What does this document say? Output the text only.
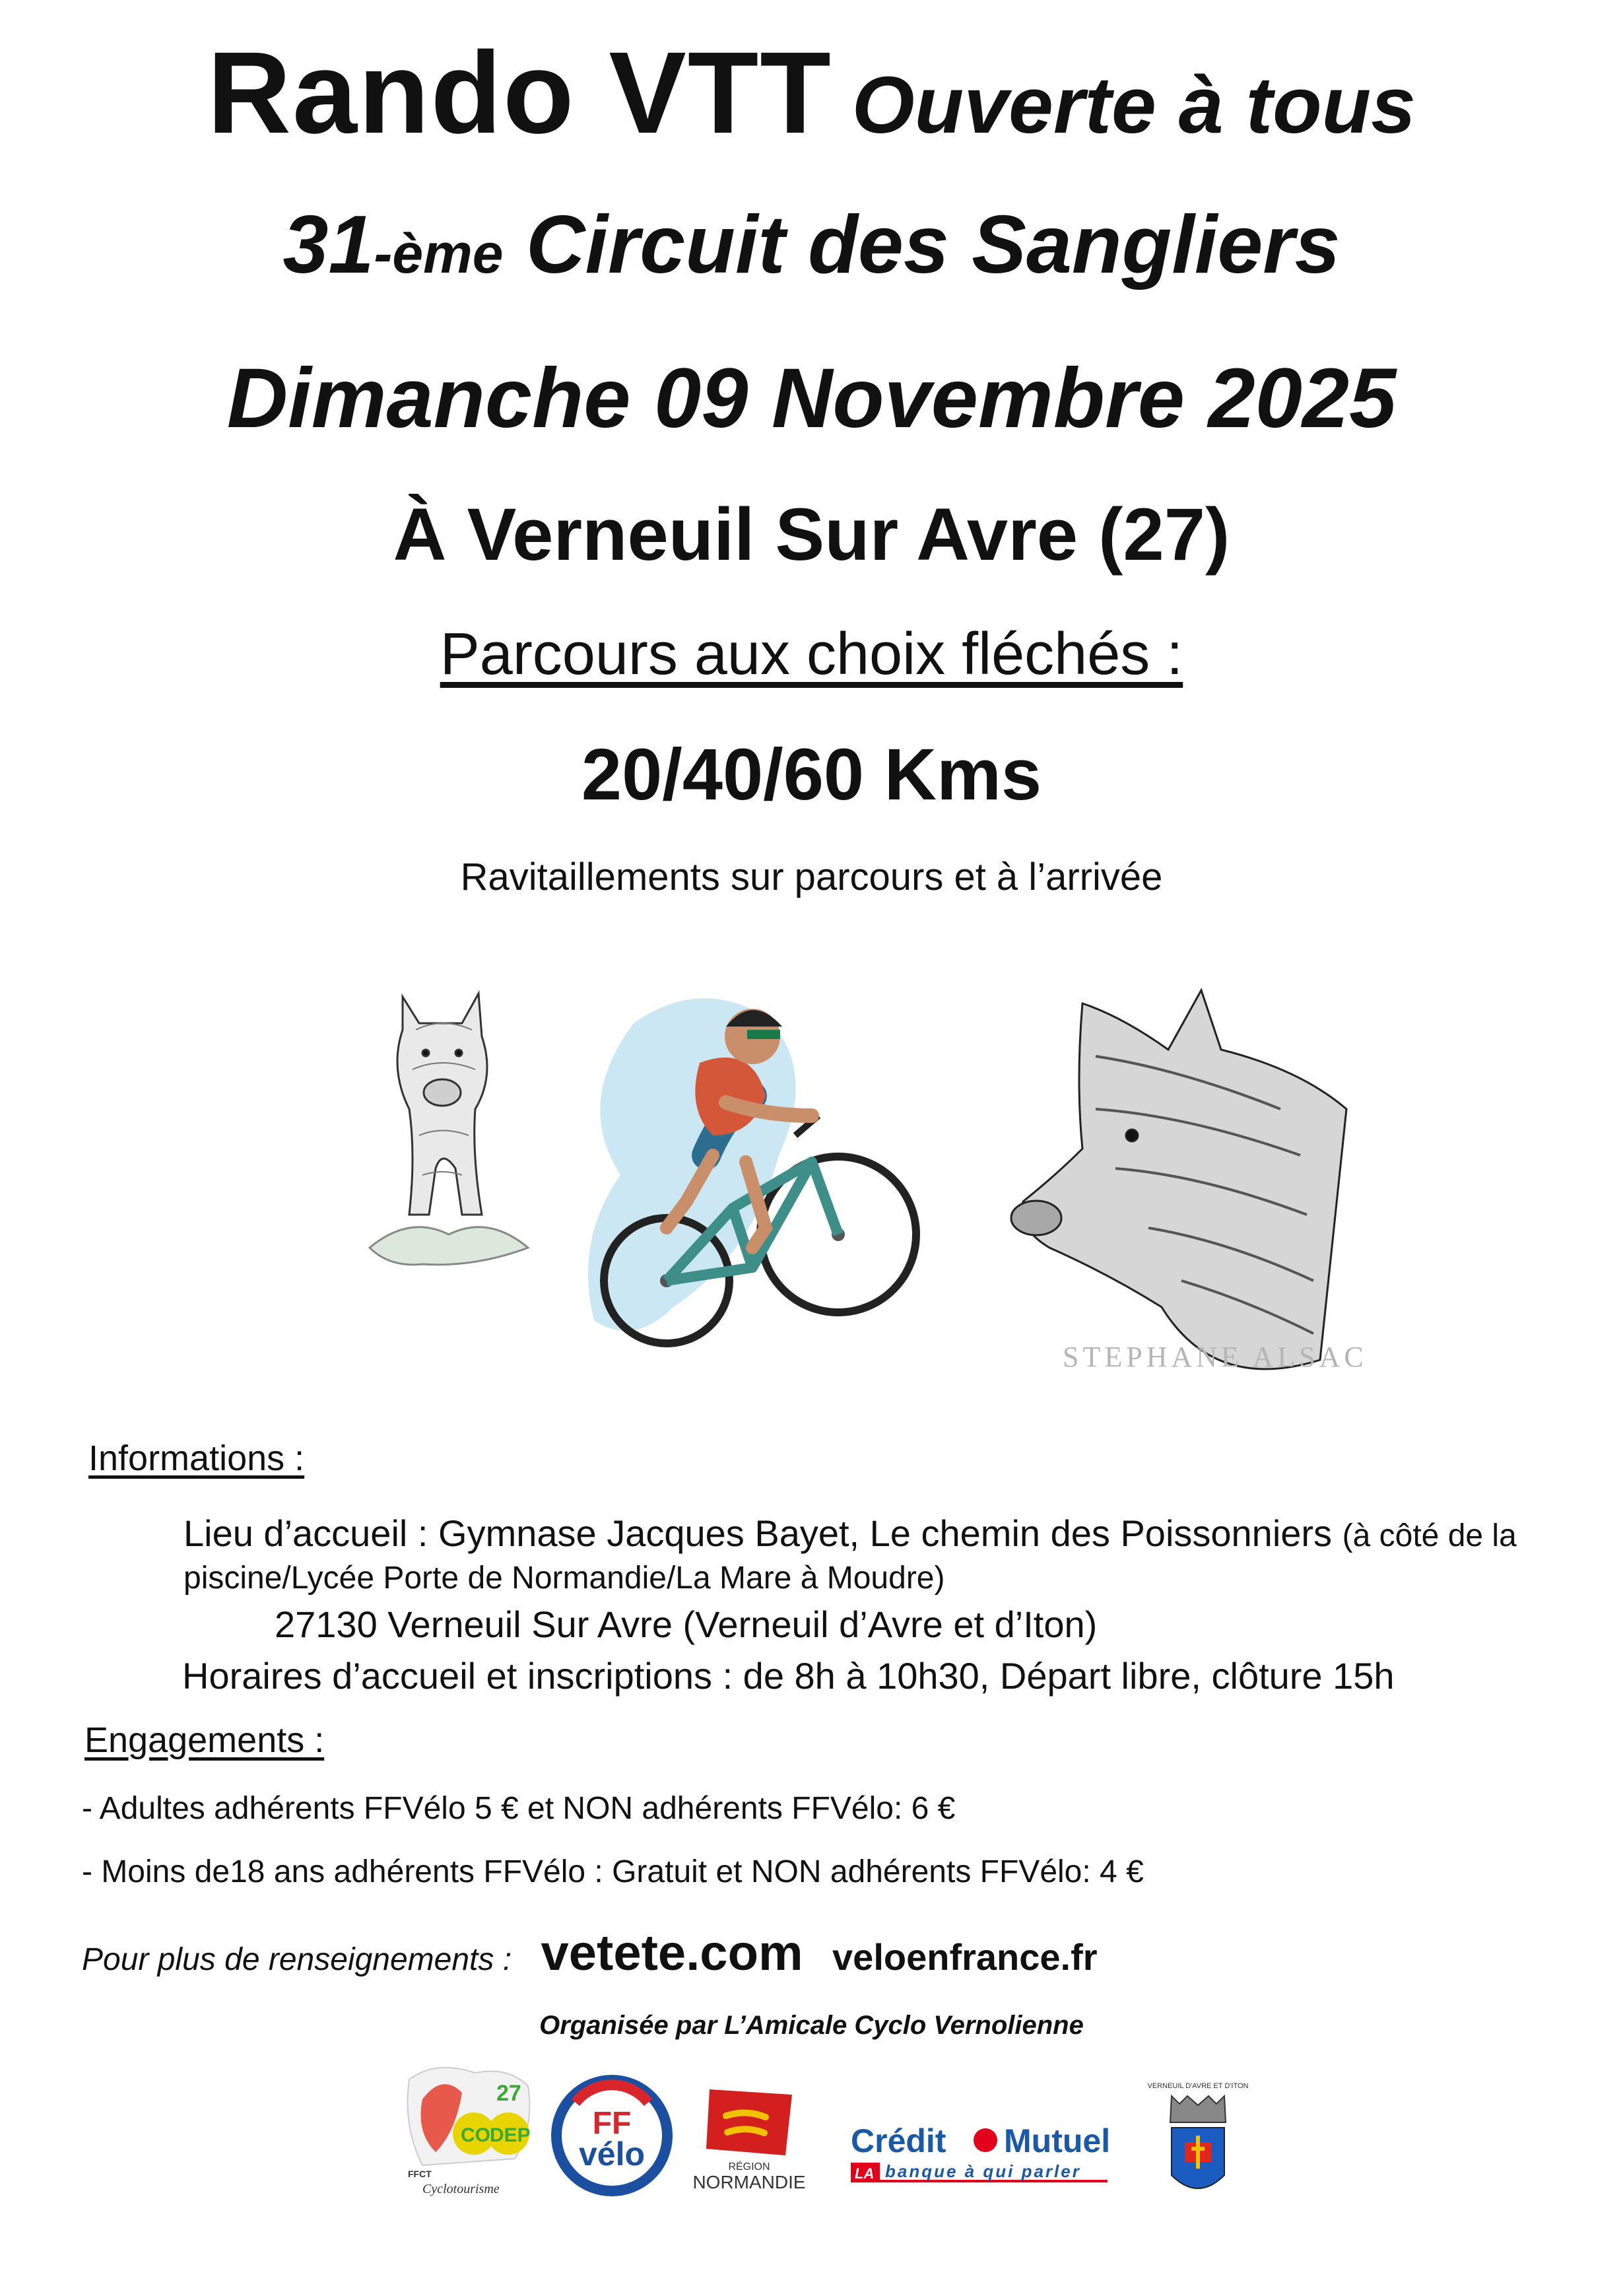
Rando VTT Ouverte à tous
31-ème Circuit des Sangliers
Dimanche 09 Novembre 2025
À Verneuil Sur Avre (27)
Parcours aux choix fléchés :
20/40/60 Kms
Ravitaillements sur parcours et à l’arrivée
STEPHANE ALSAC
Informations :
Lieu d’accueil : Gymnase Jacques Bayet, Le chemin des Poissonniers (à côté de la
piscine/Lycée Porte de Normandie/La Mare à Moudre)
27130 Verneuil Sur Avre (Verneuil d’Avre et d’Iton)
Horaires d’accueil et inscriptions : de 8h à 10h30, Départ libre, clôture 15h
Engagements :
- Adultes adhérents FFVélo 5 € et NON adhérents FFVélo: 6 €
- Moins de18 ans adhérents FFVélo : Gratuit et NON adhérents FFVélo: 4 €
Pour plus de renseignements : vetete.com veloenfrance.fr
Organisée par L’Amicale Cyclo Vernolienne
27
CO DEP
FFCT
Cyclotourisme
FF
vélo	RÉGION
NORMANDIE
Crédit Mutuel
LA banque à qui parler
VERNEUIL D'AVRE ET D'ITON
